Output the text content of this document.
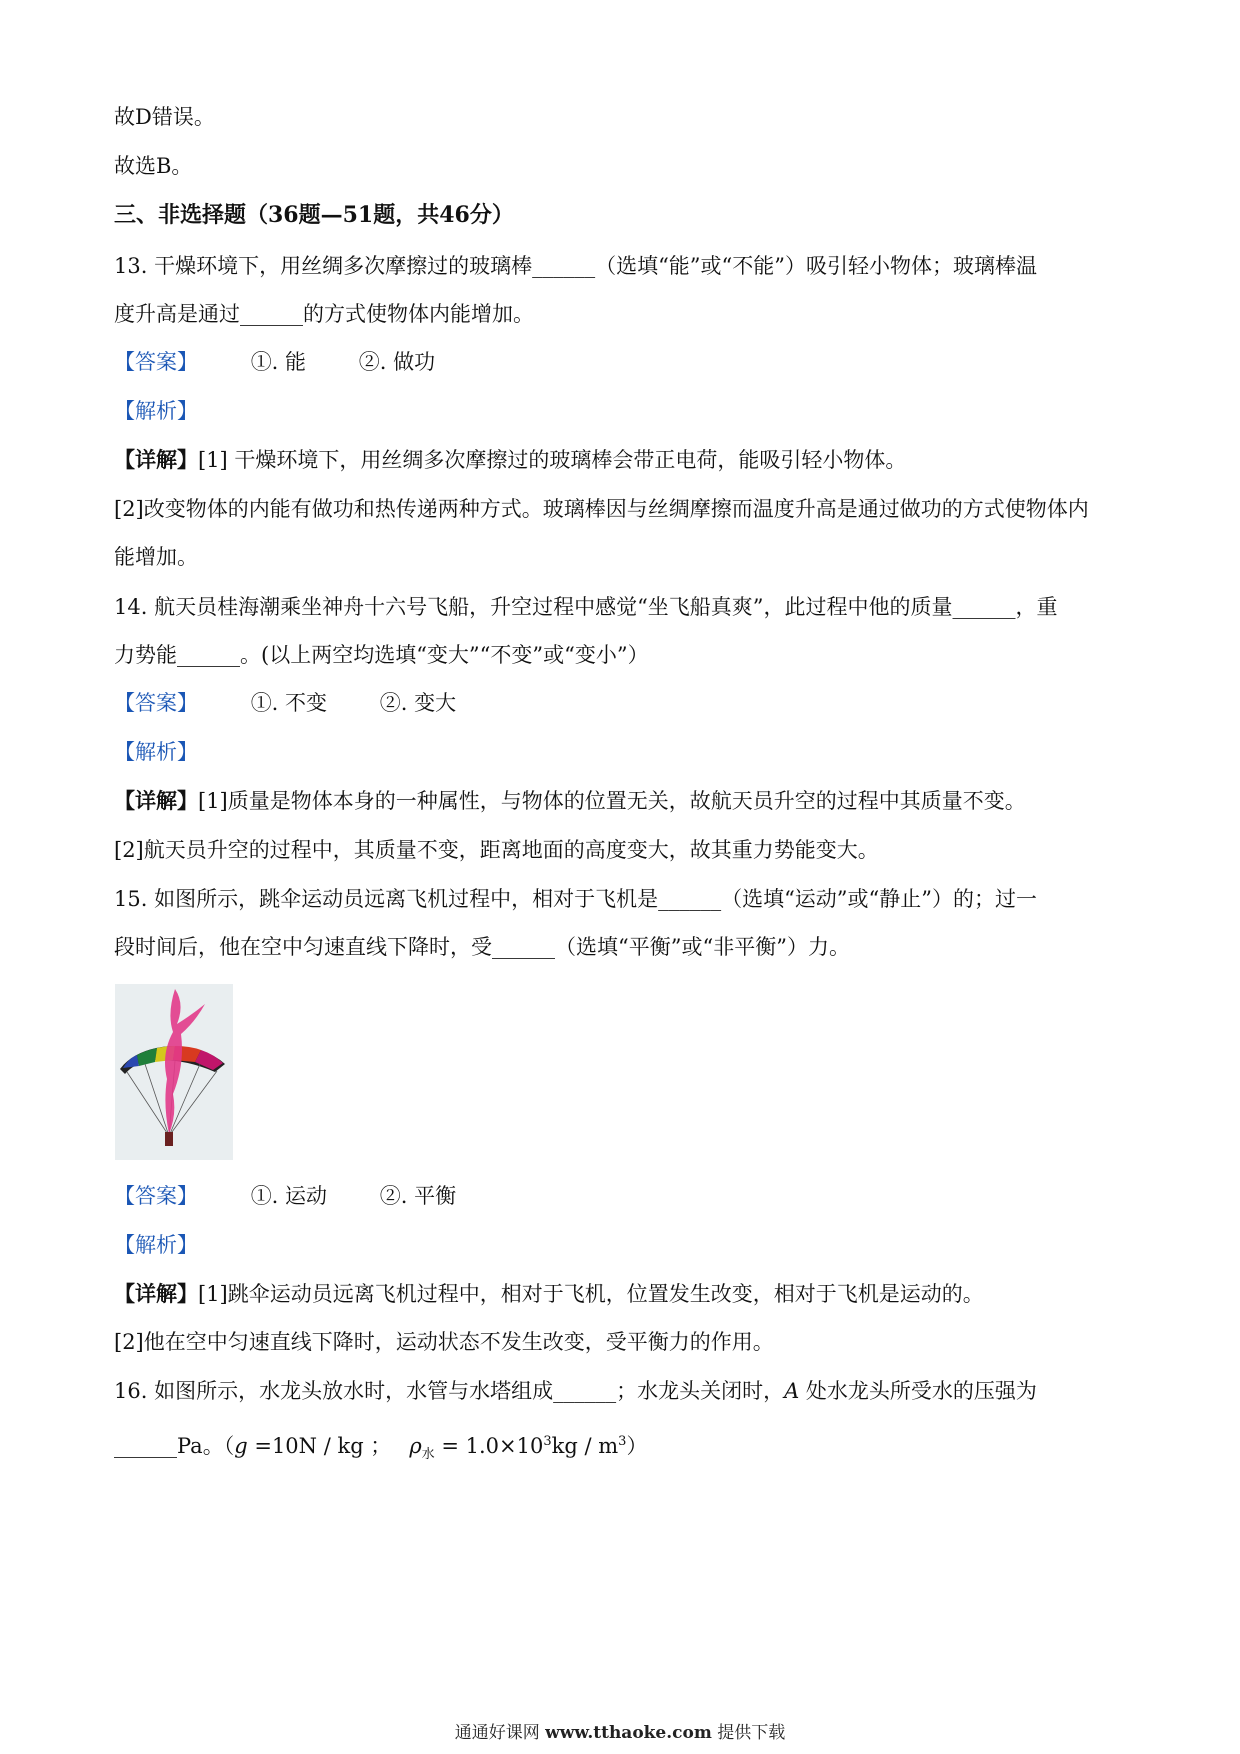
故D错误。
故选B。
三、非选择题（36题—51题，共46分）
13. 干燥环境下，用丝绸多次摩擦过的玻璃棒______（选填“能”或“不能”）吸引轻小物体；玻璃棒温
度升高是通过______的方式使物体内能增加。
【答案】	①. 能	②. 做功
【解析】
【详解】[1] 干燥环境下，用丝绸多次摩擦过的玻璃棒会带正电荷，能吸引轻小物体。
[2]改变物体的内能有做功和热传递两种方式。玻璃棒因与丝绸摩擦而温度升高是通过做功的方式使物体内
能增加。
14. 航天员桂海潮乘坐神舟十六号飞船，升空过程中感觉“坐飞船真爽”，此过程中他的质量______，重
力势能______。(以上两空均选填“变大”“不变”或“变小”）
【答案】	①. 不变	②. 变大
【解析】
【详解】[1]质量是物体本身的一种属性，与物体的位置无关，故航天员升空的过程中其质量不变。
[2]航天员升空的过程中，其质量不变，距离地面的高度变大，故其重力势能变大。
15. 如图所示，跳伞运动员远离飞机过程中，相对于飞机是______（选填“运动”或“静止”）的；过一
段时间后，他在空中匀速直线下降时，受______（选填“平衡”或“非平衡”）力。
【答案】	①. 运动	②. 平衡
【解析】
【详解】[1]跳伞运动员远离飞机过程中，相对于飞机，位置发生改变，相对于飞机是运动的。
[2]他在空中匀速直线下降时，运动状态不发生改变，受平衡力的作用。
16. 如图所示，水龙头放水时，水管与水塔组成______；水龙头关闭时，A 处水龙头所受水的压强为
______Pa。（g =10N / kg ； $\rho_水 = 1.0\times 10^3kg / m^3$）
通通好课网 www.tthaoke.com 提供下载
